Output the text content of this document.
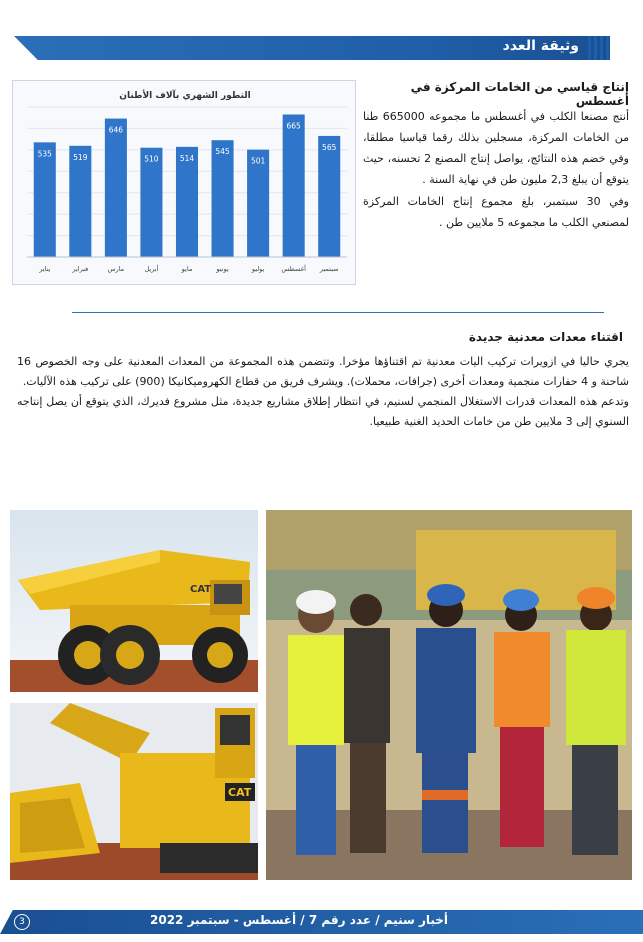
وثيقة العدد
التطور الشهري بآلاف الأطنان
535
يناير
519
فبراير
646
مارس
510
أبريل
514
مايو
545
يونيو
501
يوليو
665
أغسطس
565
سبتمبر
إنتاج قياسي من الخامات المركزة في أغسطس

أنتج مصنعا الكلب في أغسطس ما مجموعه 665000 طنا من الخامات المركزة، مسجلين بذلك رقما قياسيا مطلقا، وفي خضم هذه النتائج، يواصل إنتاج المصنع 2 تحسنه، حيث يتوقع أن يبلغ 2,3 مليون طن في نهاية السنة .

وفي 30 سبتمبر، بلغ مجموع إنتاج الخامات المركزة لمصنعي الكلب ما مجموعه 5 ملايين طن .

اقتناء معدات معدنية جديدة

يجري حاليا في ازويرات تركيب اليات معدنية تم اقتناؤها مؤخرا. وتتضمن هذه المجموعة من المعدات المعدنية على وجه الخصوص 16 شاحنة و 4 حفارات منجمية ومعدات أخرى (جرافات، محملات). ويشرف فريق من قطاع الكهروميكانيكا (900) على تركيب هذه الآليات.

وتدعم هذه المعدات قدرات الاستغلال المنجمي لسنيم، في انتظار إطلاق مشاريع جديدة، مثل مشروع فديرك، الذي يتوقع أن يصل إنتاجه السنوي إلى 3 ملايين طن من خامات الحديد الغنية طبيعيا.

CAT
CAT
أخبار سنيم / عدد رقم 7 / أغسطس - سبتمبر 2022
3
